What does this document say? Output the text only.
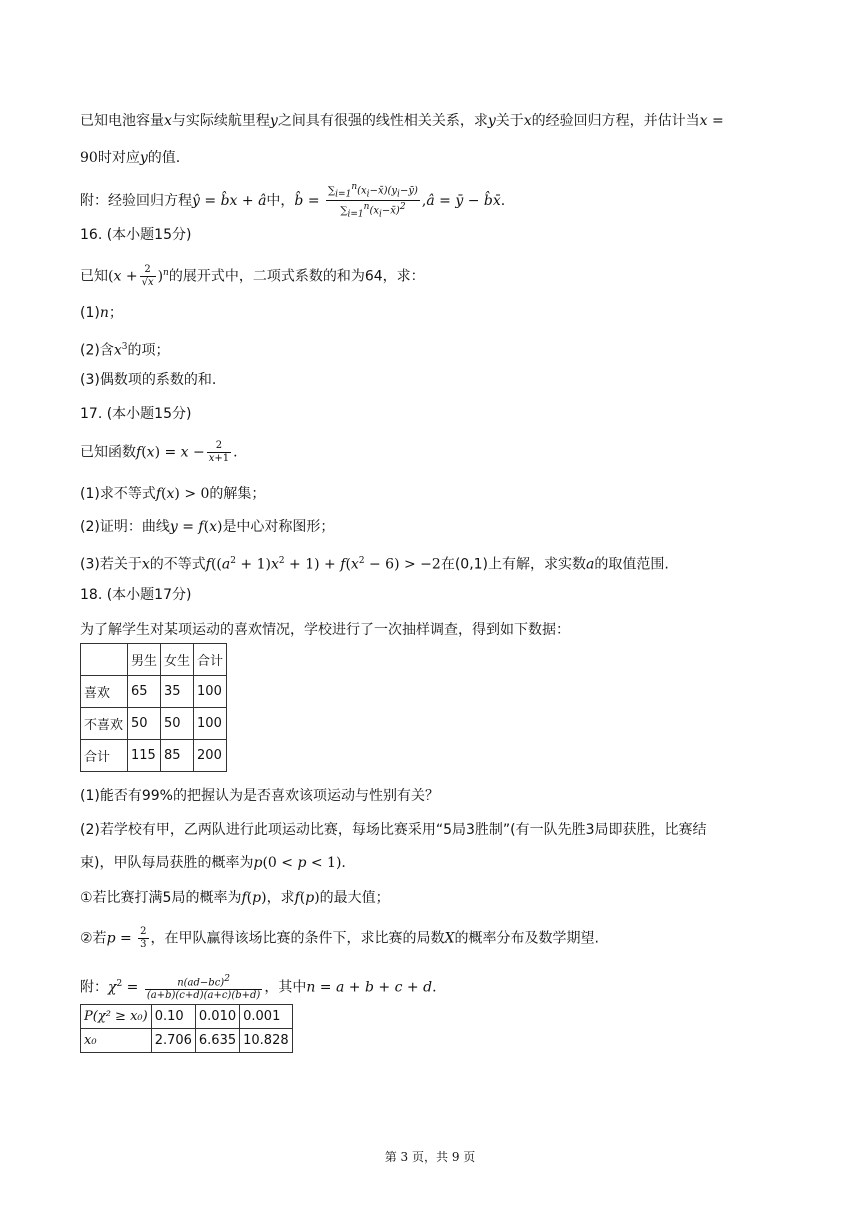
已知电池容量x与实际续航里程y之间具有很强的线性相关关系，求y关于x的经验回归方程，并估计当x =
90时对应y的值.
附：经验回归方程ŷ = b̂x + â中，b̂ = $\frac{\sum_{i=1}^n(x_i-x̄)(y_i-ȳ)}{\sum_{i=1}^n(x_i-x̄)^2}$ ,â = ȳ − b̂x̄.
16. (本小题15分)
已知$(x + \frac{2}{√x} )^n$的展开式中，二项式系数的和为64，求：
(1)n；
(2)含$x^3$的项；
(3)偶数项的系数的和.
17. (本小题15分)
已知函数$f(x) = x - \frac{2}{x+1}$ .
(1)求不等式f(x) > 0的解集；
(2)证明：曲线y = f(x)是中心对称图形；
(3)若关于x的不等式$f((a^2 + 1)x^2 + 1) + f(x^2 - 6) > -2$在(0,1)上有解，求实数a的取值范围.
18. (本小题17分)
为了解学生对某项运动的喜欢情况，学校进行了一次抽样调查，得到如下数据：
	男生	女生	合计
喜欢	65	35	100
不喜欢	50	50	100
合计	115	85	200
(1)能否有99%的把握认为是否喜欢该项运动与性别有关？
(2)若学校有甲，乙两队进行此项运动比赛，每场比赛采用“5局3胜制”(有一队先胜3局即获胜，比赛结
束)，甲队每局获胜的概率为p(0 < p < 1).
①若比赛打满5局的概率为f(p)，求f(p)的最大值；
②若$p = \frac{2}{3}$ ，在甲队赢得该场比赛的条件下，求比赛的局数X的概率分布及数学期望.
附：$\chi^2 = \frac{n(ad-bc)^2}{(a+b)(c+d)(a+c)(b+d)}$ ，其中n = a + b + c + d.
P(χ² ≥ x₀)	0.10	0.010	0.001
x₀	2.706	6.635	10.828
第 3 页，共 9 页
